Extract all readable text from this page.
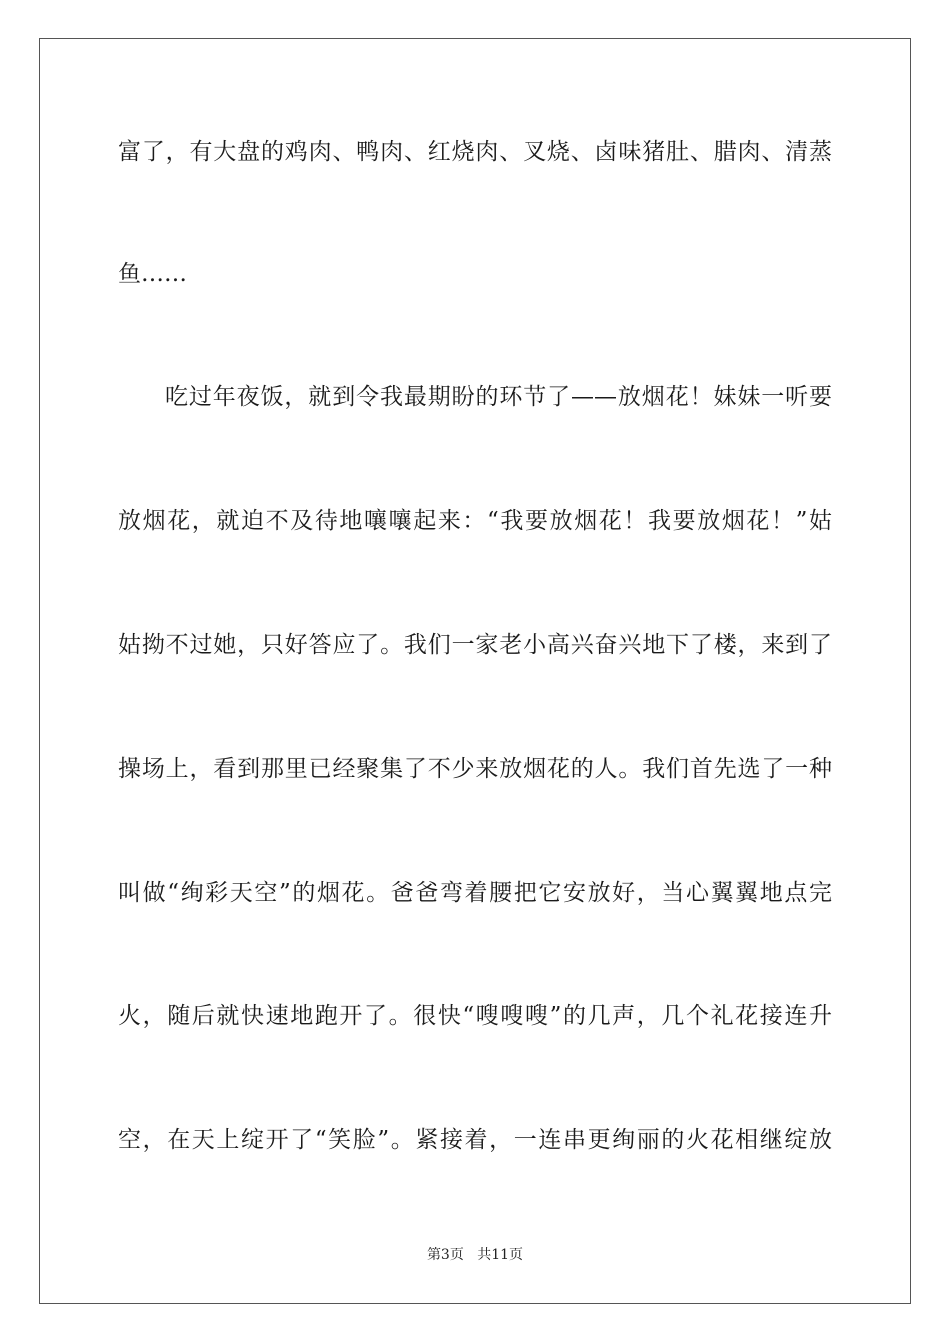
富了，有大盘的鸡肉、鸭肉、红烧肉、叉烧、卤味猪肚、腊肉、清蒸
鱼……
吃过年夜饭，就到令我最期盼的环节了——放烟花！妹妹一听要
放烟花，就迫不及待地嚷嚷起来：“我要放烟花！我要放烟花！”姑
姑拗不过她，只好答应了。我们一家老小高兴奋兴地下了楼，来到了
操场上，看到那里已经聚集了不少来放烟花的人。我们首先选了一种
叫做“绚彩天空”的烟花。爸爸弯着腰把它安放好，当心翼翼地点完
火，随后就快速地跑开了。很快“嗖嗖嗖”的几声，几个礼花接连升
空，在天上绽开了“笑脸”。紧接着，一连串更绚丽的火花相继绽放
第3页 共11页
